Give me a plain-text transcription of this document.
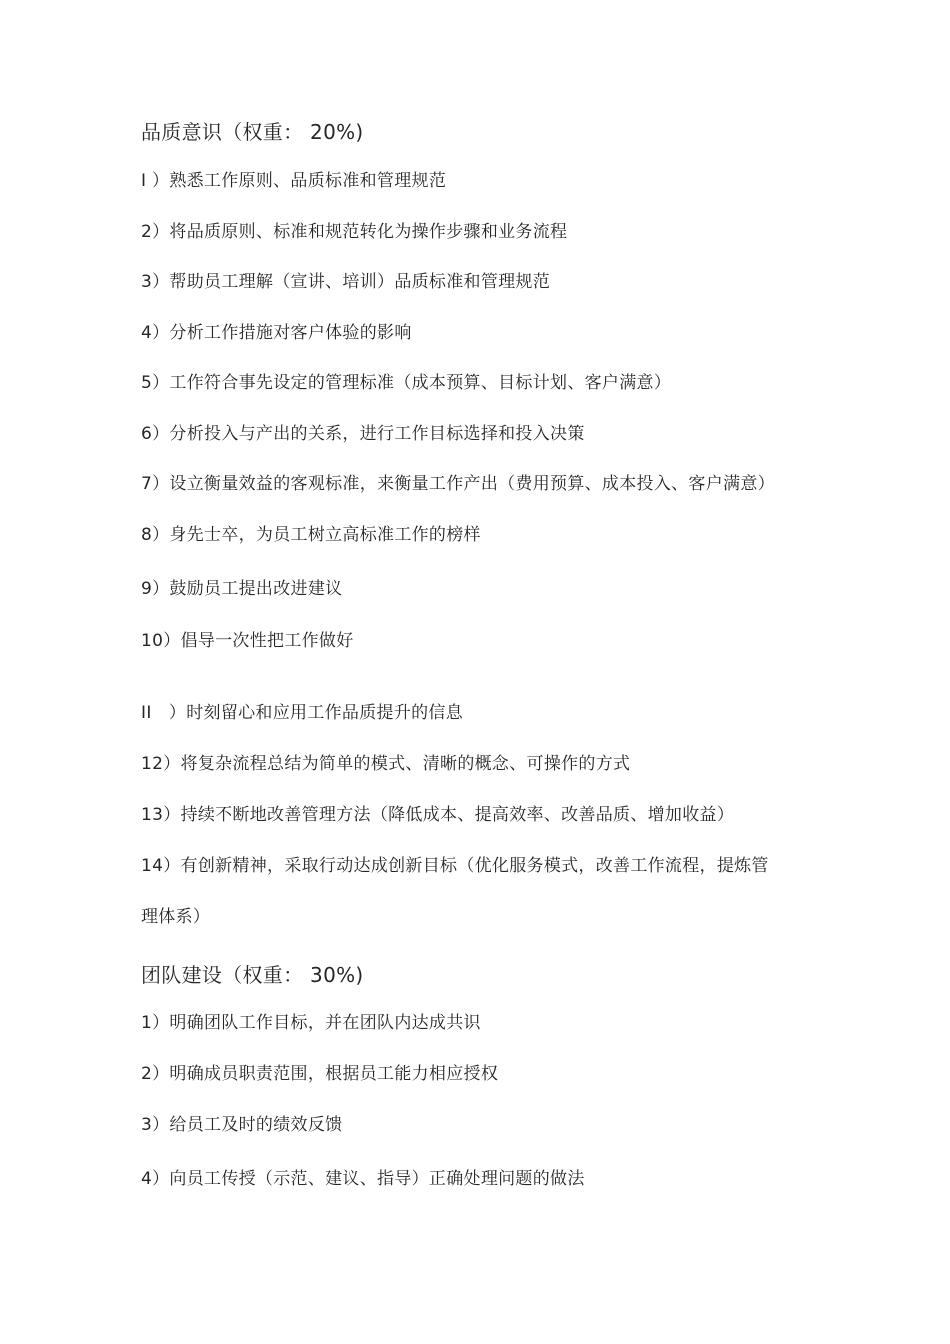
品质意识（权重： 20%)
I ）熟悉工作原则、品质标准和管理规范
2）将品质原则、标准和规范转化为操作步骤和业务流程
3）帮助员工理解（宣讲、培训）品质标准和管理规范
4）分析工作措施对客户体验的影响
5）工作符合事先设定的管理标准（成本预算、目标计划、客户满意）
6）分析投入与产出的关系，进行工作目标选择和投入决策
7）设立衡量效益的客观标准，来衡量工作产出（费用预算、成本投入、客户满意）
8）身先士卒，为员工树立高标准工作的榜样
9）鼓励员工提出改进建议
10）倡导一次性把工作做好
II　）时刻留心和应用工作品质提升的信息
12）将复杂流程总结为简单的模式、清晰的概念、可操作的方式
13）持续不断地改善管理方法（降低成本、提高效率、改善品质、增加收益）
14）有创新精神，采取行动达成创新目标（优化服务模式，改善工作流程，提炼管
理体系）
团队建设（权重： 30%)
1）明确团队工作目标，并在团队内达成共识
2）明确成员职责范围，根据员工能力相应授权
3）给员工及时的绩效反馈
4）向员工传授（示范、建议、指导）正确处理问题的做法
